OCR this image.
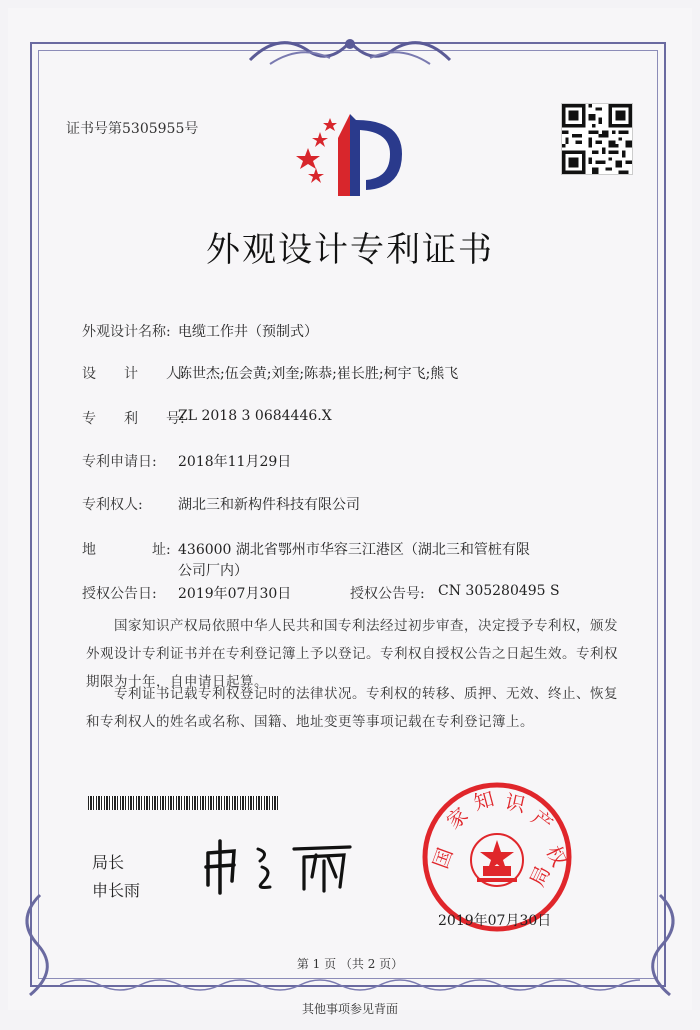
证书号第5305955号
外观设计专利证书
外观设计名称: 电缆工作井（预制式）
设　　计　　人:
陈世杰;伍会黄;刘奎;陈恭;崔长胜;柯宇飞;熊飞
专　　利　　号:
ZL 2018 3 0684446.X
专利申请日: 2018年11月29日
专利权人:	湖北三和新构件科技有限公司
地　　　　址: 436000 湖北省鄂州市华容三江港区（湖北三和管桩有限
公司厂内）
授权公告日: 2019年07月30日	授权公告号: CN 305280495 S
国家知识产权局依照中华人民共和国专利法经过初步审查，决定授予专利权，颁发外观设计专利证书并在专利登记簿上予以登记。专利权自授权公告之日起生效。专利权期限为十年，自申请日起算。
专利证书记载专利权登记时的法律状况。专利权的转移、质押、无效、终止、恢复和专利权人的姓名或名称、国籍、地址变更等事项记载在专利登记簿上。
局长
申长雨
国
家
知 识
产
权
局
2019年07月30日
第 1 页 （共 2 页）
其他事项参见背面
